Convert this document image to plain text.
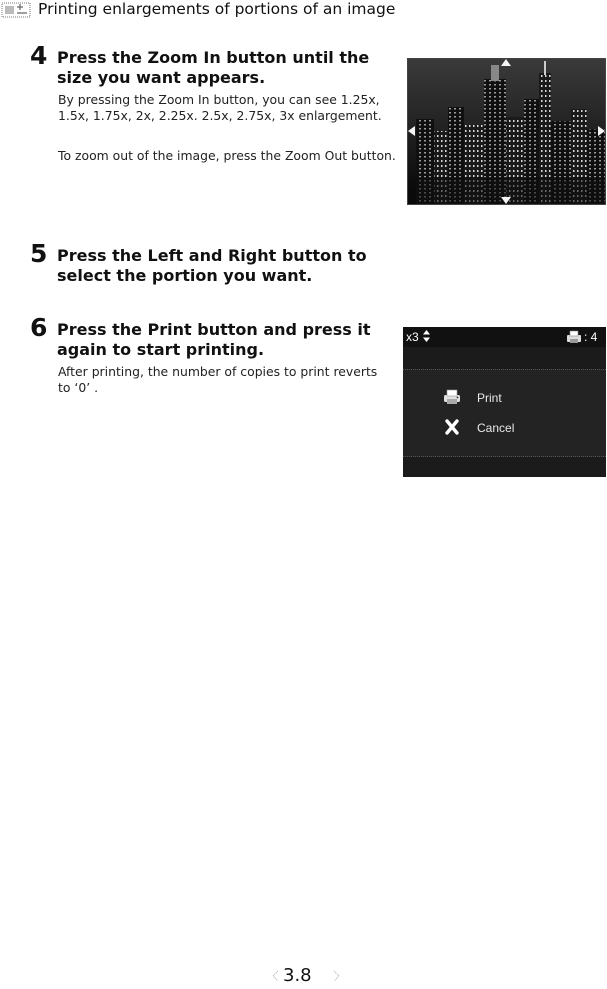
Printing enlargements of portions of an image
4 Press the Zoom In button until the size you want appears.

By pressing the Zoom In button, you can see 1.25x, 1.5x, 1.75x, 2x, 2.25x. 2.5x, 2.75x, 3x enlargement.

To zoom out of the image, press the Zoom Out button.

5 Press the Left and Right button to select the portion you want.
6 Press the Print button and press it again to start printing.

After printing, the number of copies to print reverts to ‘0’ .

x3	: 4
Print
Cancel
3.8
